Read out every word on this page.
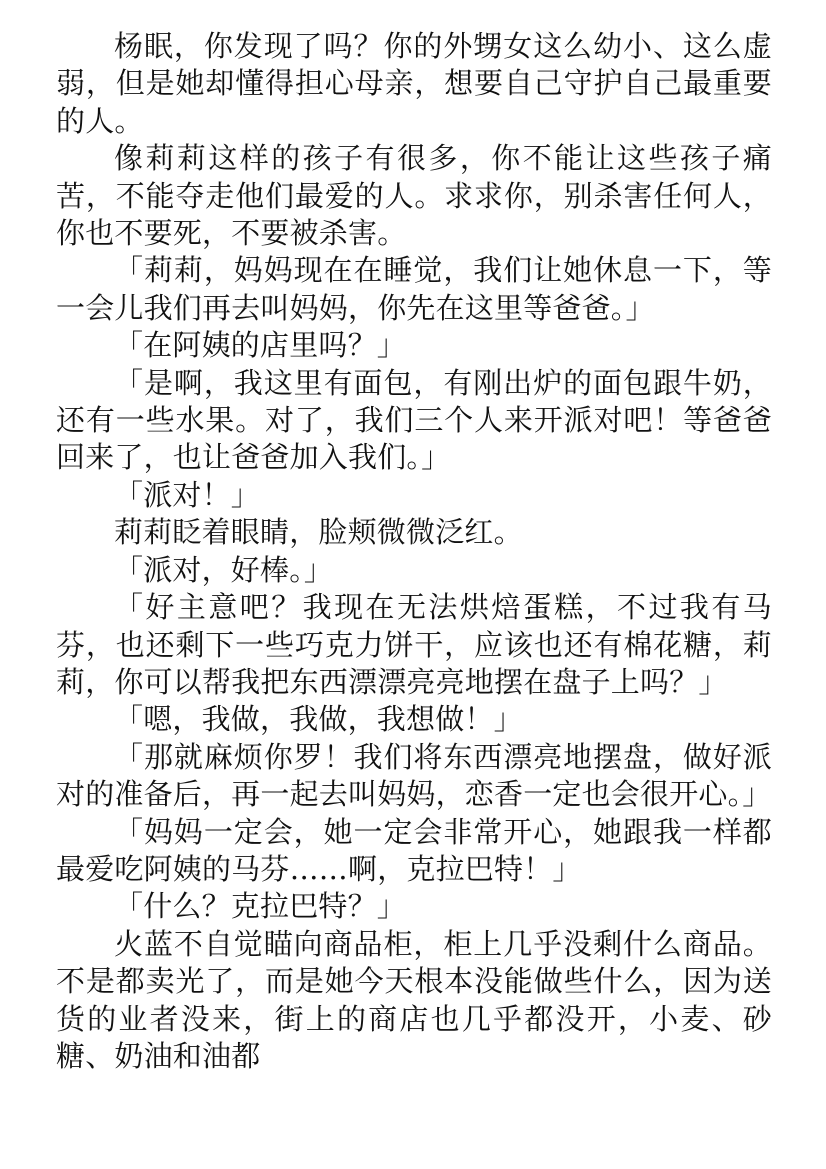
杨眠，你发现了吗？你的外甥女这么幼小、这么虚弱，但是她却懂得担心母亲，想要自己守护自己最重要的人。

像莉莉这样的孩子有很多，你不能让这些孩子痛苦，不能夺走他们最爱的人。求求你，别杀害任何人，你也不要死，不要被杀害。

「莉莉，妈妈现在在睡觉，我们让她休息一下，等一会儿我们再去叫妈妈，你先在这里等爸爸。」

「在阿姨的店里吗？」

「是啊，我这里有面包，有刚出炉的面包跟牛奶，还有一些水果。对了，我们三个人来开派对吧！等爸爸回来了，也让爸爸加入我们。」

「派对！」

莉莉眨着眼睛，脸颊微微泛红。

「派对，好棒。」

「好主意吧？我现在无法烘焙蛋糕，不过我有马芬，也还剩下一些巧克力饼干，应该也还有棉花糖，莉莉，你可以帮我把东西漂漂亮亮地摆在盘子上吗？」

「嗯，我做，我做，我想做！」

「那就麻烦你罗！我们将东西漂亮地摆盘，做好派对的准备后，再一起去叫妈妈，恋香一定也会很开心。」

「妈妈一定会，她一定会非常开心，她跟我一样都最爱吃阿姨的马芬……啊，克拉巴特！」

「什么？克拉巴特？」

火蓝不自觉瞄向商品柜，柜上几乎没剩什么商品。不是都卖光了，而是她今天根本没能做些什么，因为送货的业者没来，街上的商店也几乎都没开，小麦、砂糖、奶油和油都
